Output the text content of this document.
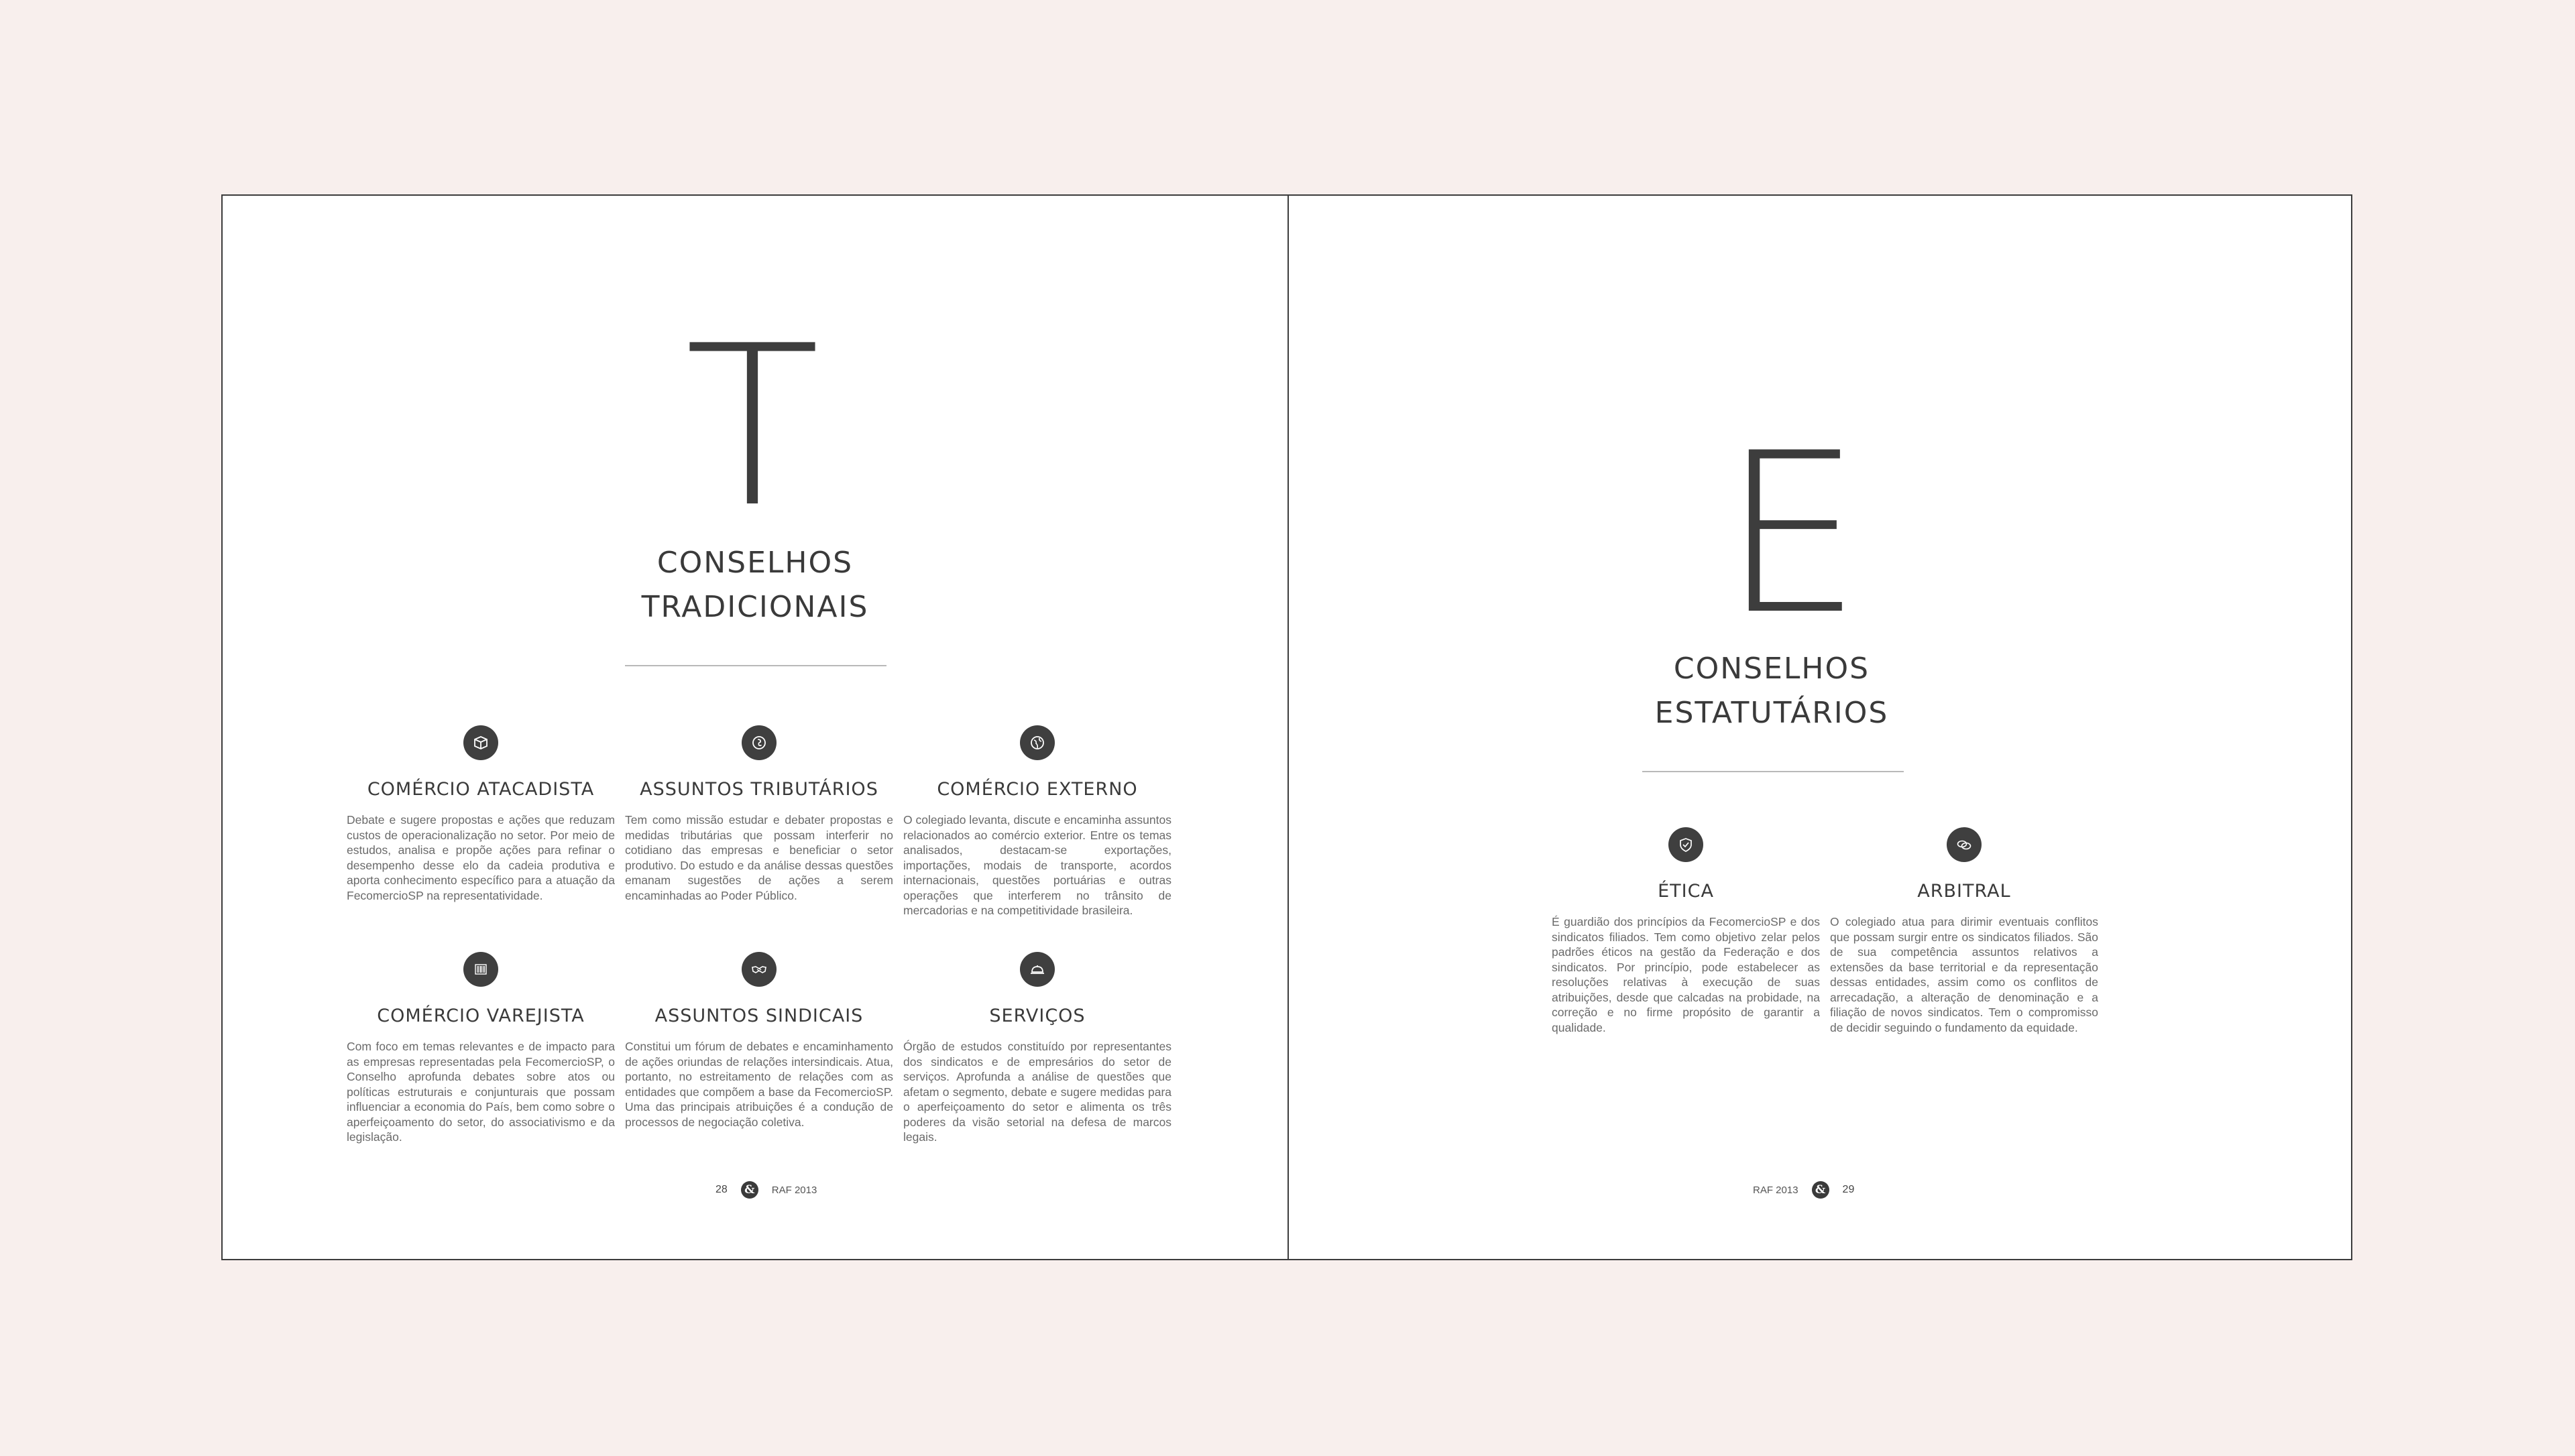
T
CONSELHOS
TRADICIONAIS
COMÉRCIO ATACADISTA
Debate e sugere propostas e ações que reduzam custos de operacionalização no setor. Por meio de estudos, analisa e propõe ações para refinar o desempenho desse elo da cadeia produtiva e aporta conhecimento específico para a atuação da FecomercioSP na representatividade.
ASSUNTOS TRIBUTÁRIOS
Tem como missão estudar e debater propostas e medidas tributárias que possam interferir no cotidiano das empresas e beneficiar o setor produtivo. Do estudo e da análise dessas questões emanam sugestões de ações a serem encaminhadas ao Poder Público.
COMÉRCIO EXTERNO
O colegiado levanta, discute e encaminha assuntos relacionados ao comércio exterior. Entre os temas analisados, destacam-se exportações, importações, modais de transporte, acordos internacionais, questões portuárias e outras operações que interferem no trânsito de mercadorias e na competitividade brasileira.
COMÉRCIO VAREJISTA
Com foco em temas relevantes e de impacto para as empresas representadas pela FecomercioSP, o Conselho aprofunda debates sobre atos ou políticas estruturais e conjunturais que possam influenciar a economia do País, bem como sobre o aperfeiçoamento do setor, do associativismo e da legislação.
ASSUNTOS SINDICAIS
Constitui um fórum de debates e encaminhamento de ações oriundas de relações intersindicais. Atua, portanto, no estreitamento de relações com as entidades que compõem a base da FecomercioSP. Uma das principais atribuições é a condução de processos de negociação coletiva.
SERVIÇOS
Órgão de estudos constituído por representantes dos sindicatos e de empresários do setor de serviços. Aprofunda a análise de questões que afetam o segmento, debate e sugere medidas para o aperfeiçoamento do setor e alimenta os três poderes da visão setorial na defesa de marcos legais.
28	&	RAF 2013
E
CONSELHOS
ESTATUTÁRIOS
ÉTICA
É guardião dos princípios da FecomercioSP e dos sindicatos filiados. Tem como objetivo zelar pelos padrões éticos na gestão da Federação e dos sindicatos. Por princípio, pode estabelecer as resoluções relativas à execução de suas atribuições, desde que calcadas na probidade, na correção e no firme propósito de garantir a qualidade.
ARBITRAL
O colegiado atua para dirimir eventuais conflitos que possam surgir entre os sindicatos filiados. São de sua competência assuntos relativos a extensões da base territorial e da representação dessas entidades, assim como os conflitos de arrecadação, a alteração de denominação e a filiação de novos sindicatos. Tem o compromisso de decidir seguindo o fundamento da equidade.
RAF 2013	&	29
